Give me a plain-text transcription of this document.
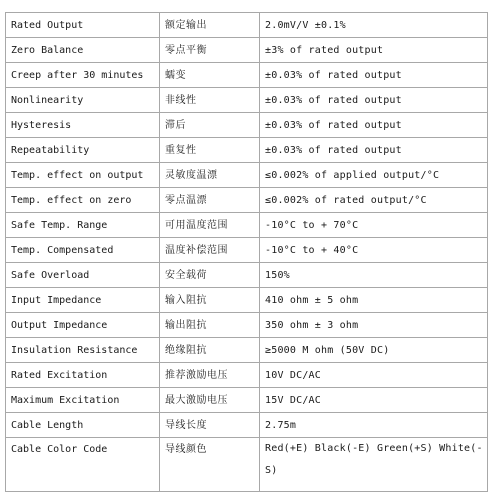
Rated Output	额定输出	2.0mV/V ±0.1%
Zero Balance	零点平衡	±3% of rated output
Creep after 30 minutes	蠕变	±0.03% of rated output
Nonlinearity	非线性	±0.03% of rated output
Hysteresis	滞后	±0.03% of rated output
Repeatability	重复性	±0.03% of rated output
Temp. effect on output	灵敏度温漂	≤0.002% of applied output/°C
Temp. effect on zero	零点温漂	≤0.002% of rated output/°C
Safe Temp. Range	可用温度范围	-10°C to + 70°C
Temp. Compensated	温度补偿范围	-10°C to + 40°C
Safe Overload	安全载荷	150%
Input Impedance	输入阻抗	410 ohm ± 5 ohm
Output Impedance	输出阻抗	350 ohm ± 3 ohm
Insulation Resistance	绝缘阻抗	≥5000 M ohm (50V DC)
Rated Excitation	推荐激励电压	10V DC/AC
Maximum Excitation	最大激励电压	15V DC/AC
Cable Length	导线长度	2.75m
Cable Color Code	导线颜色	Red(+E) Black(-E) Green(+S) White(-S)
